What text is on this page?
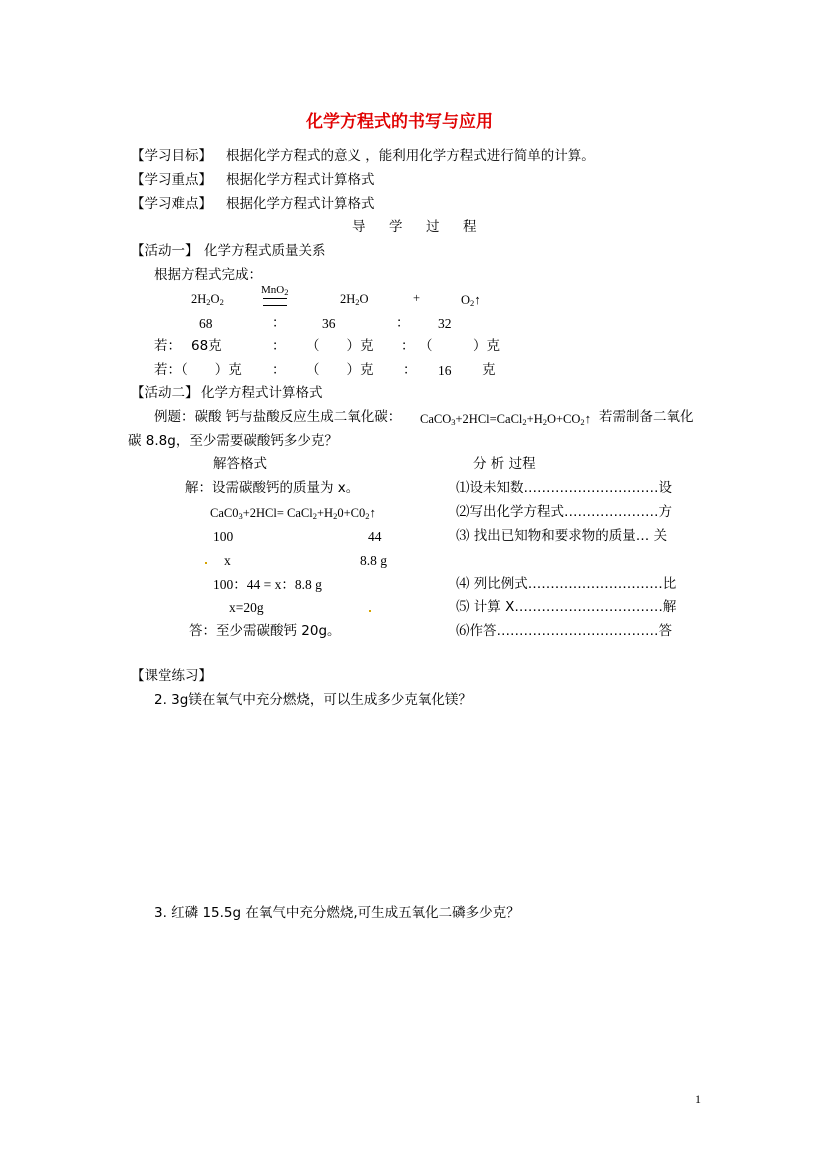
化学方程式的书写与应用
【学习目标】 根据化学方程式的意义 ，能利用化学方程式进行简单的计算。
【学习重点】 根据化学方程式计算格式
【学习难点】 根据化学方程式计算格式
导 学 过 程
【活动一】 化学方程式质量关系
根据方程式完成：
$2H_2O_2$
MnO$_2$	$2H_2O$	+	$O_2↑$
68	：	36	： 32
若： 68克	： （　　）克 ： （　　　）克
若：（　　）克 ： （　　）克 ： 16 克
【活动二】 化学方程式计算格式
例题：碳酸 钙与盐酸反应生成二氧化碳： $CaCO_3+2HCl=CaCl_2+H_2O+CO_2↑$ 若需制备二氧化
碳 8.8g，至少需要碳酸钙多少克？
解答格式	分 析 过程
解：设需碳酸钙的质量为 x。
$CaC0_3+2HCl=$ $CaCl_2+H_20+C0_2↑$
100	44
x	8.8 g
100：44 = x：8.8 g
x=20g
答：至少需碳酸钙 20g。
⑴设未知数…………………………设
⑵写出化学方程式…………………方
⑶ 找出已知物和要求物的质量… 关
⑷ 列比例式…………………………比
⑸ 计算 X……………………………解
⑹作答………………………………答
【课堂练习】
2. 3g镁在氧气中充分燃烧，可以生成多少克氧化镁？
3. 红磷 15.5g 在氧气中充分燃烧,可生成五氧化二磷多少克？
1
